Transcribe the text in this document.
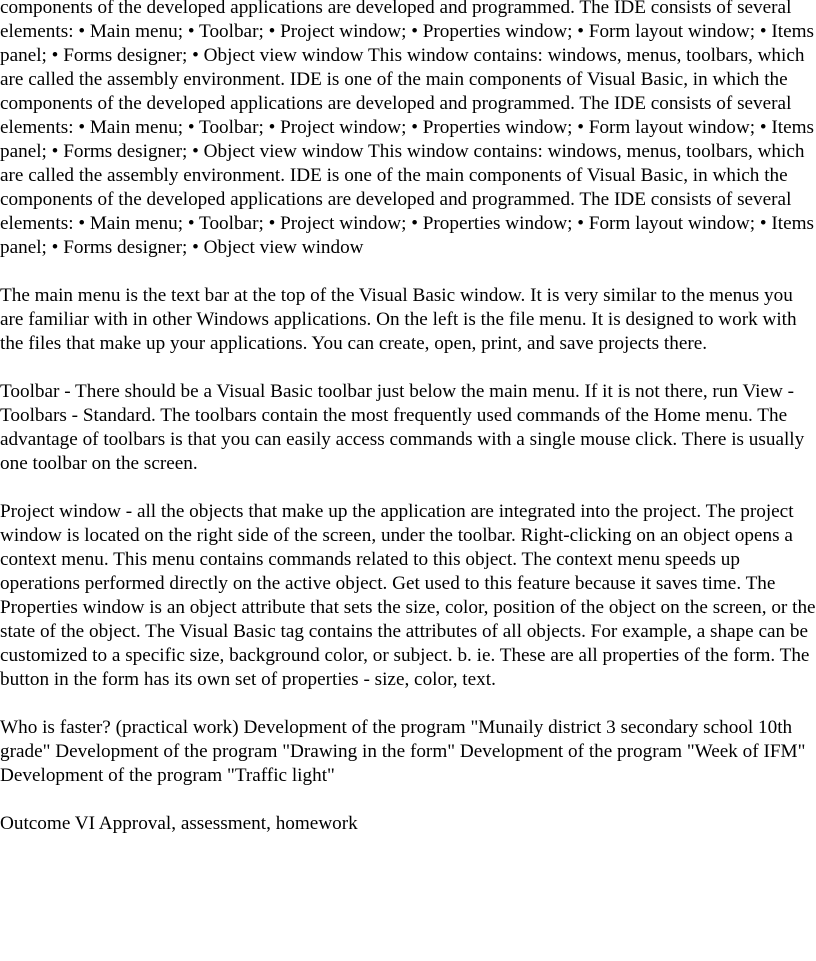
components of the developed applications are developed and programmed. The IDE consists of several elements: • Main menu; • Toolbar; • Project window; • Properties window; • Form layout window; • Items panel; • Forms designer; • Object view window This window contains: windows, menus, toolbars, which are called the assembly environment. IDE is one of the main components of Visual Basic, in which the components of the developed applications are developed and programmed. The IDE consists of several elements: • Main menu; • Toolbar; • Project window; • Properties window; • Form layout window; • Items panel; • Forms designer; • Object view window This window contains: windows, menus, toolbars, which are called the assembly environment. IDE is one of the main components of Visual Basic, in which the components of the developed applications are developed and programmed. The IDE consists of several elements: • Main menu; • Toolbar; • Project window; • Properties window; • Form layout window; • Items panel; • Forms designer; • Object view window

The main menu is the text bar at the top of the Visual Basic window. It is very similar to the menus you are familiar with in other Windows applications. On the left is the file menu. It is designed to work with the files that make up your applications. You can create, open, print, and save projects there.

Toolbar - There should be a Visual Basic toolbar just below the main menu. If it is not there, run View - Toolbars - Standard. The toolbars contain the most frequently used commands of the Home menu. The advantage of toolbars is that you can easily access commands with a single mouse click. There is usually one toolbar on the screen.

Project window - all the objects that make up the application are integrated into the project. The project window is located on the right side of the screen, under the toolbar. Right-clicking on an object opens a context menu. This menu contains commands related to this object. The context menu speeds up operations performed directly on the active object. Get used to this feature because it saves time. The Properties window is an object attribute that sets the size, color, position of the object on the screen, or the state of the object. The Visual Basic tag contains the attributes of all objects. For example, a shape can be customized to a specific size, background color, or subject. b. ie. These are all properties of the form. The button in the form has its own set of properties - size, color, text.

Who is faster? (practical work) Development of the program "Munaily district 3 secondary school 10th grade" Development of the program "Drawing in the form" Development of the program "Week of IFM" Development of the program "Traffic light"

Outcome VI Approval, assessment, homework
